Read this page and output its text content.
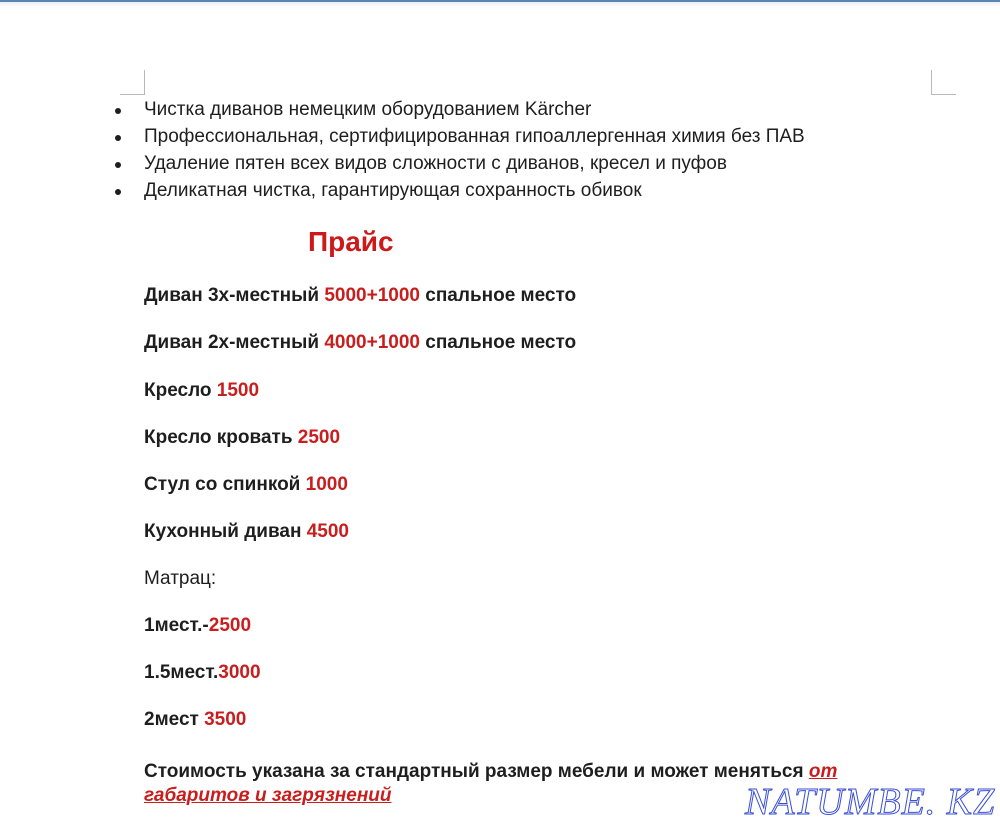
Чистка диванов немецким оборудованием Kärcher
Профессиональная, сертифицированная гипоаллергенная химия без ПАВ
Удаление пятен всех видов сложности с диванов, кресел и пуфов
Деликатная чистка, гарантирующая сохранность обивок
Прайс
Диван 3х-местный 5000+1000 спальное место
Диван 2х-местный 4000+1000 спальное место
Кресло 1500
Кресло кровать 2500
Стул со спинкой 1000
Кухонный диван 4500
Матрац:
1мест.-2500
1.5мест.3000
2мест 3500
Стоимость указана за стандартный размер мебели и может меняться от габаритов и загрязнений	NATUMBE. KZ
